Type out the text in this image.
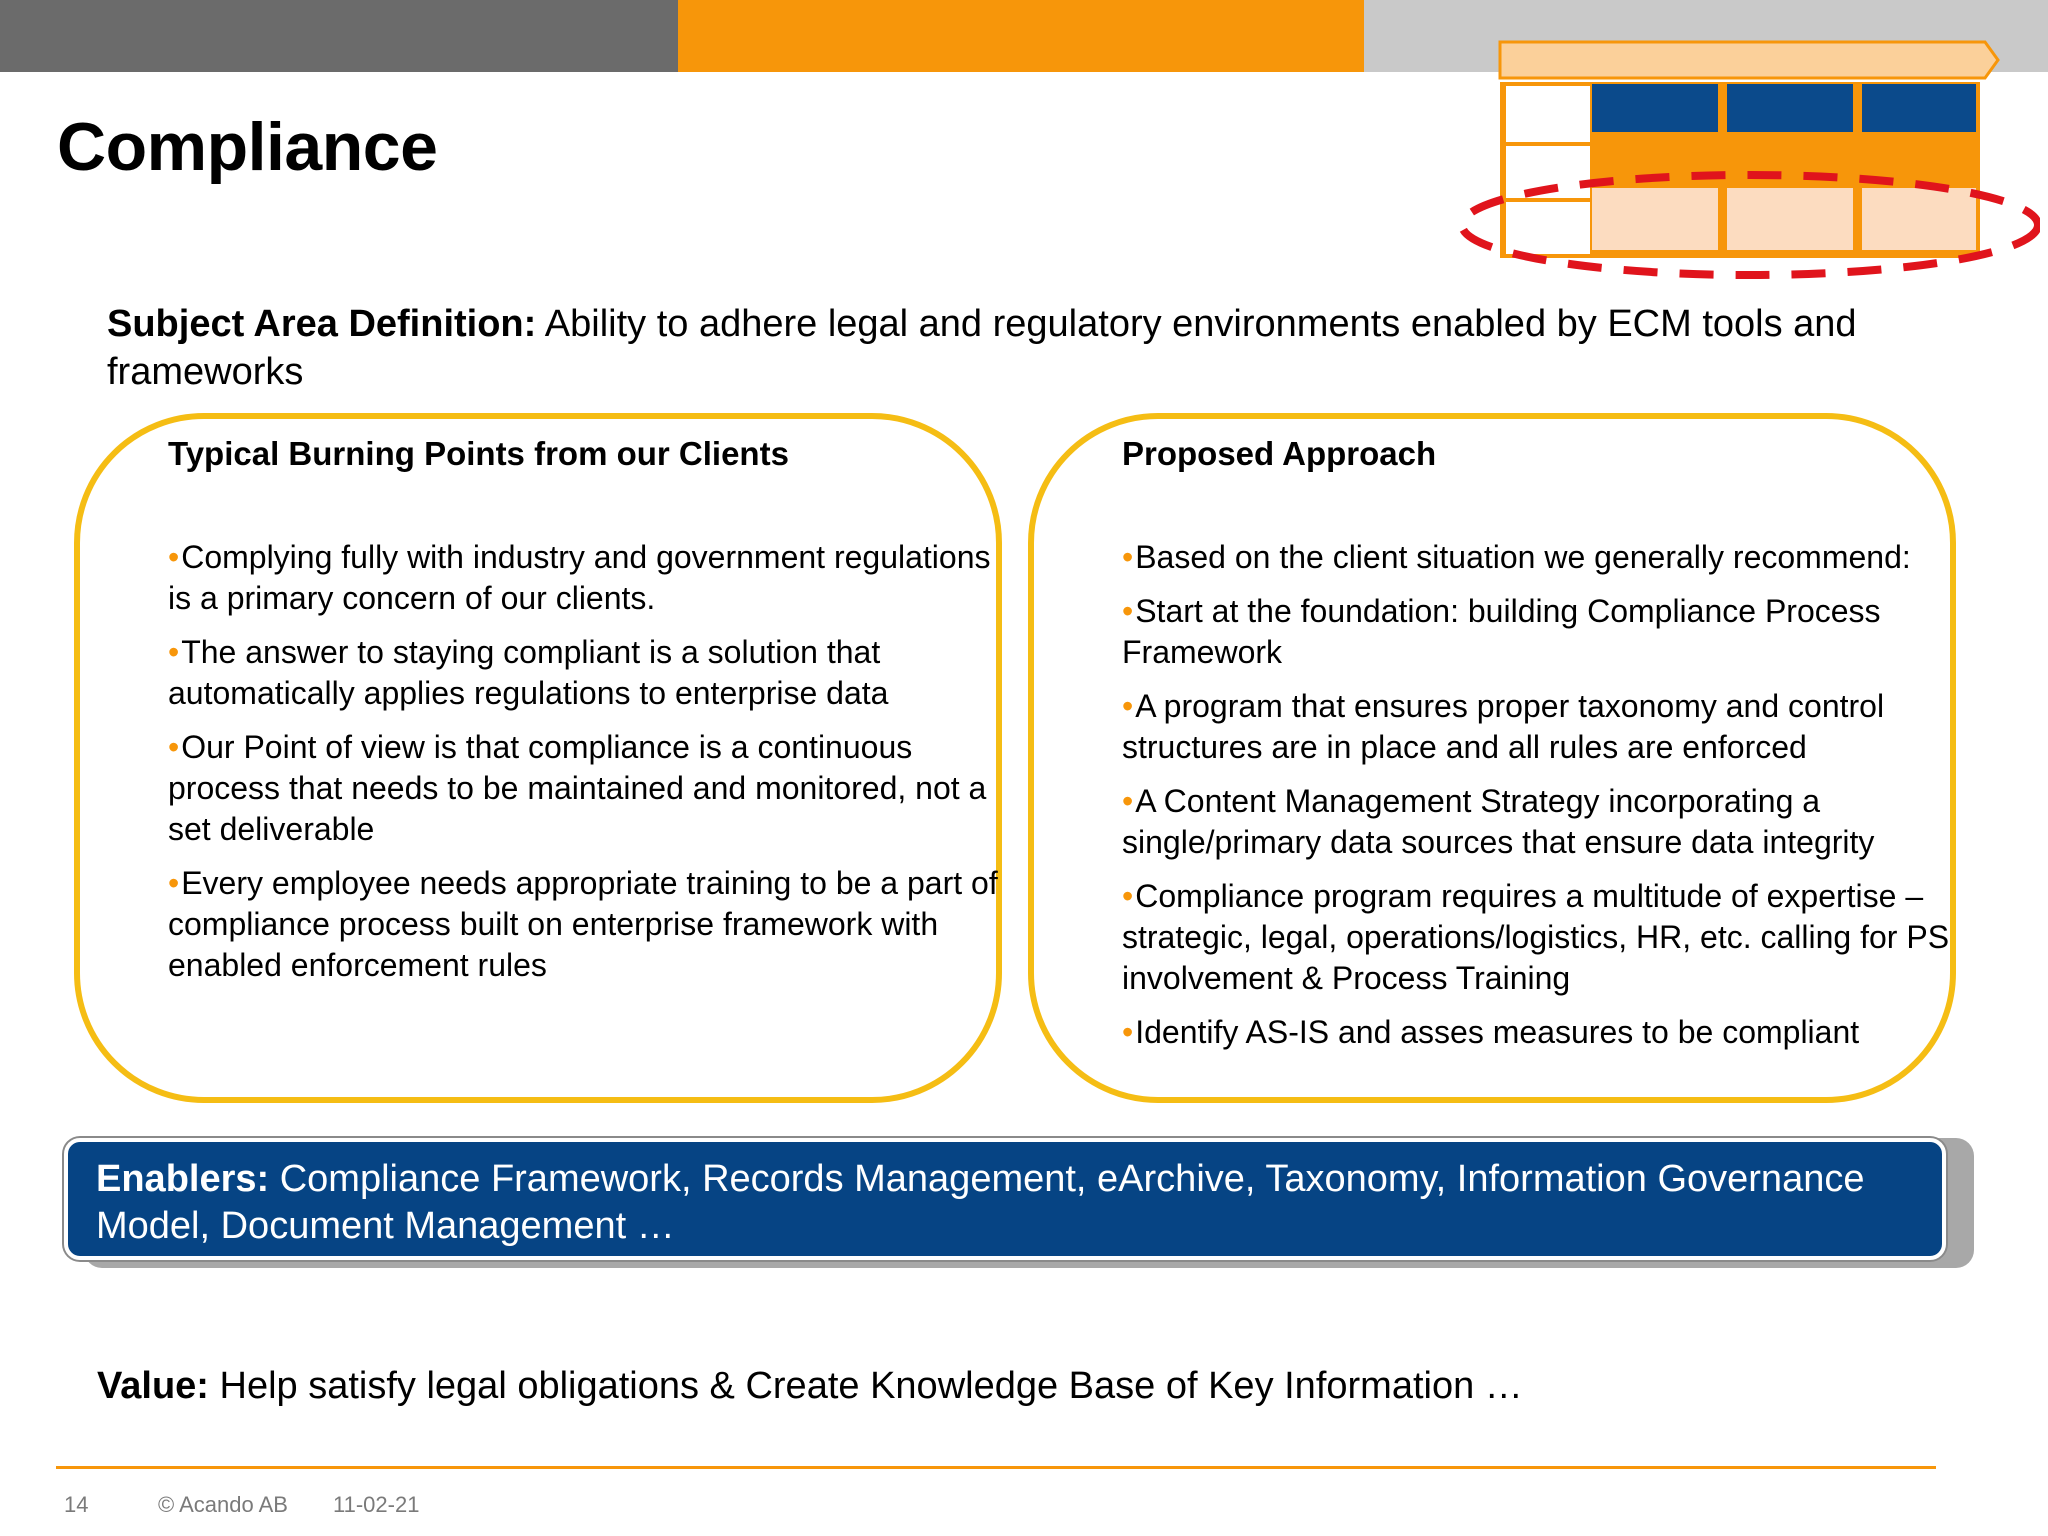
Compliance

Subject Area Definition: Ability to adhere legal and regulatory environments enabled by ECM tools and frameworks

Typical Burning Points from our Clients
•Complying fully with industry and government regulations is a primary concern of our clients.
•The answer to staying compliant is a solution that automatically applies regulations to enterprise data
•Our Point of view is that compliance is a continuous process that needs to be maintained and monitored, not a set deliverable
•Every employee needs appropriate training to be a part of compliance process built on enterprise framework with enabled enforcement rules
Proposed Approach
•Based on the client situation we generally recommend:
•Start at the foundation: building Compliance Process Framework
•A program that ensures proper taxonomy and control structures are in place and all rules are enforced
•A Content Management Strategy incorporating a single/primary data sources that ensure data integrity
•Compliance program requires a multitude of expertise – strategic, legal, operations/logistics, HR, etc. calling for PS involvement & Process Training
•Identify AS-IS and asses measures to be compliant

Enablers: Compliance Framework, Records Management, eArchive, Taxonomy, Information Governance Model, Document Management …

Value: Help satisfy legal obligations & Create Knowledge Base of Key Information …

14	© Acando AB 11-02-21
